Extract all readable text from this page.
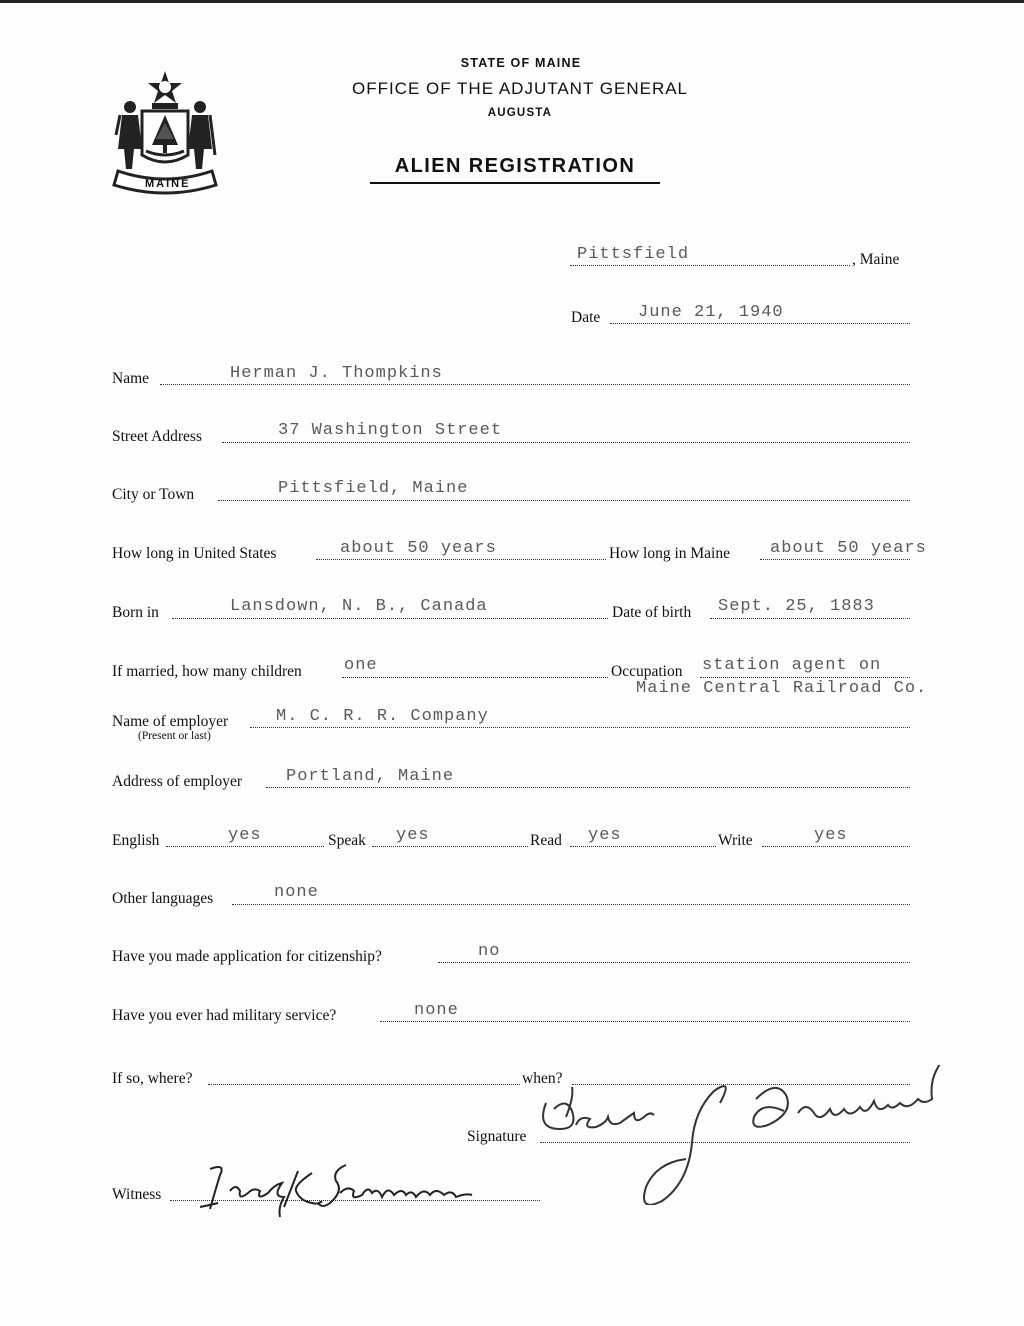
MAINE
STATE OF MAINE
OFFICE OF THE ADJUTANT GENERAL
AUGUSTA
ALIEN REGISTRATION
Pittsfield	, Maine
Date June 21, 1940
Name	Herman J. Thompkins
Street Address	37 Washington Street
City or Town	Pittsfield, Maine
How long in United States	about 50 years	How long in Maine about 50 years
Born in	Lansdown, N. B., Canada	Date of birth Sept. 25, 1883
If married, how many children one	Occupation station agent on
Maine Central Railroad Co.
Name of employer
(Present or last)
M. C. R. R. Company
Address of employer	Portland, Maine
English	yes	Speak yes	Read yes	Write	yes
Other languages	none
Have you made application for citizenship?	no
Have you ever had military service?	none
If so, where?	when?
Signature
Witness
